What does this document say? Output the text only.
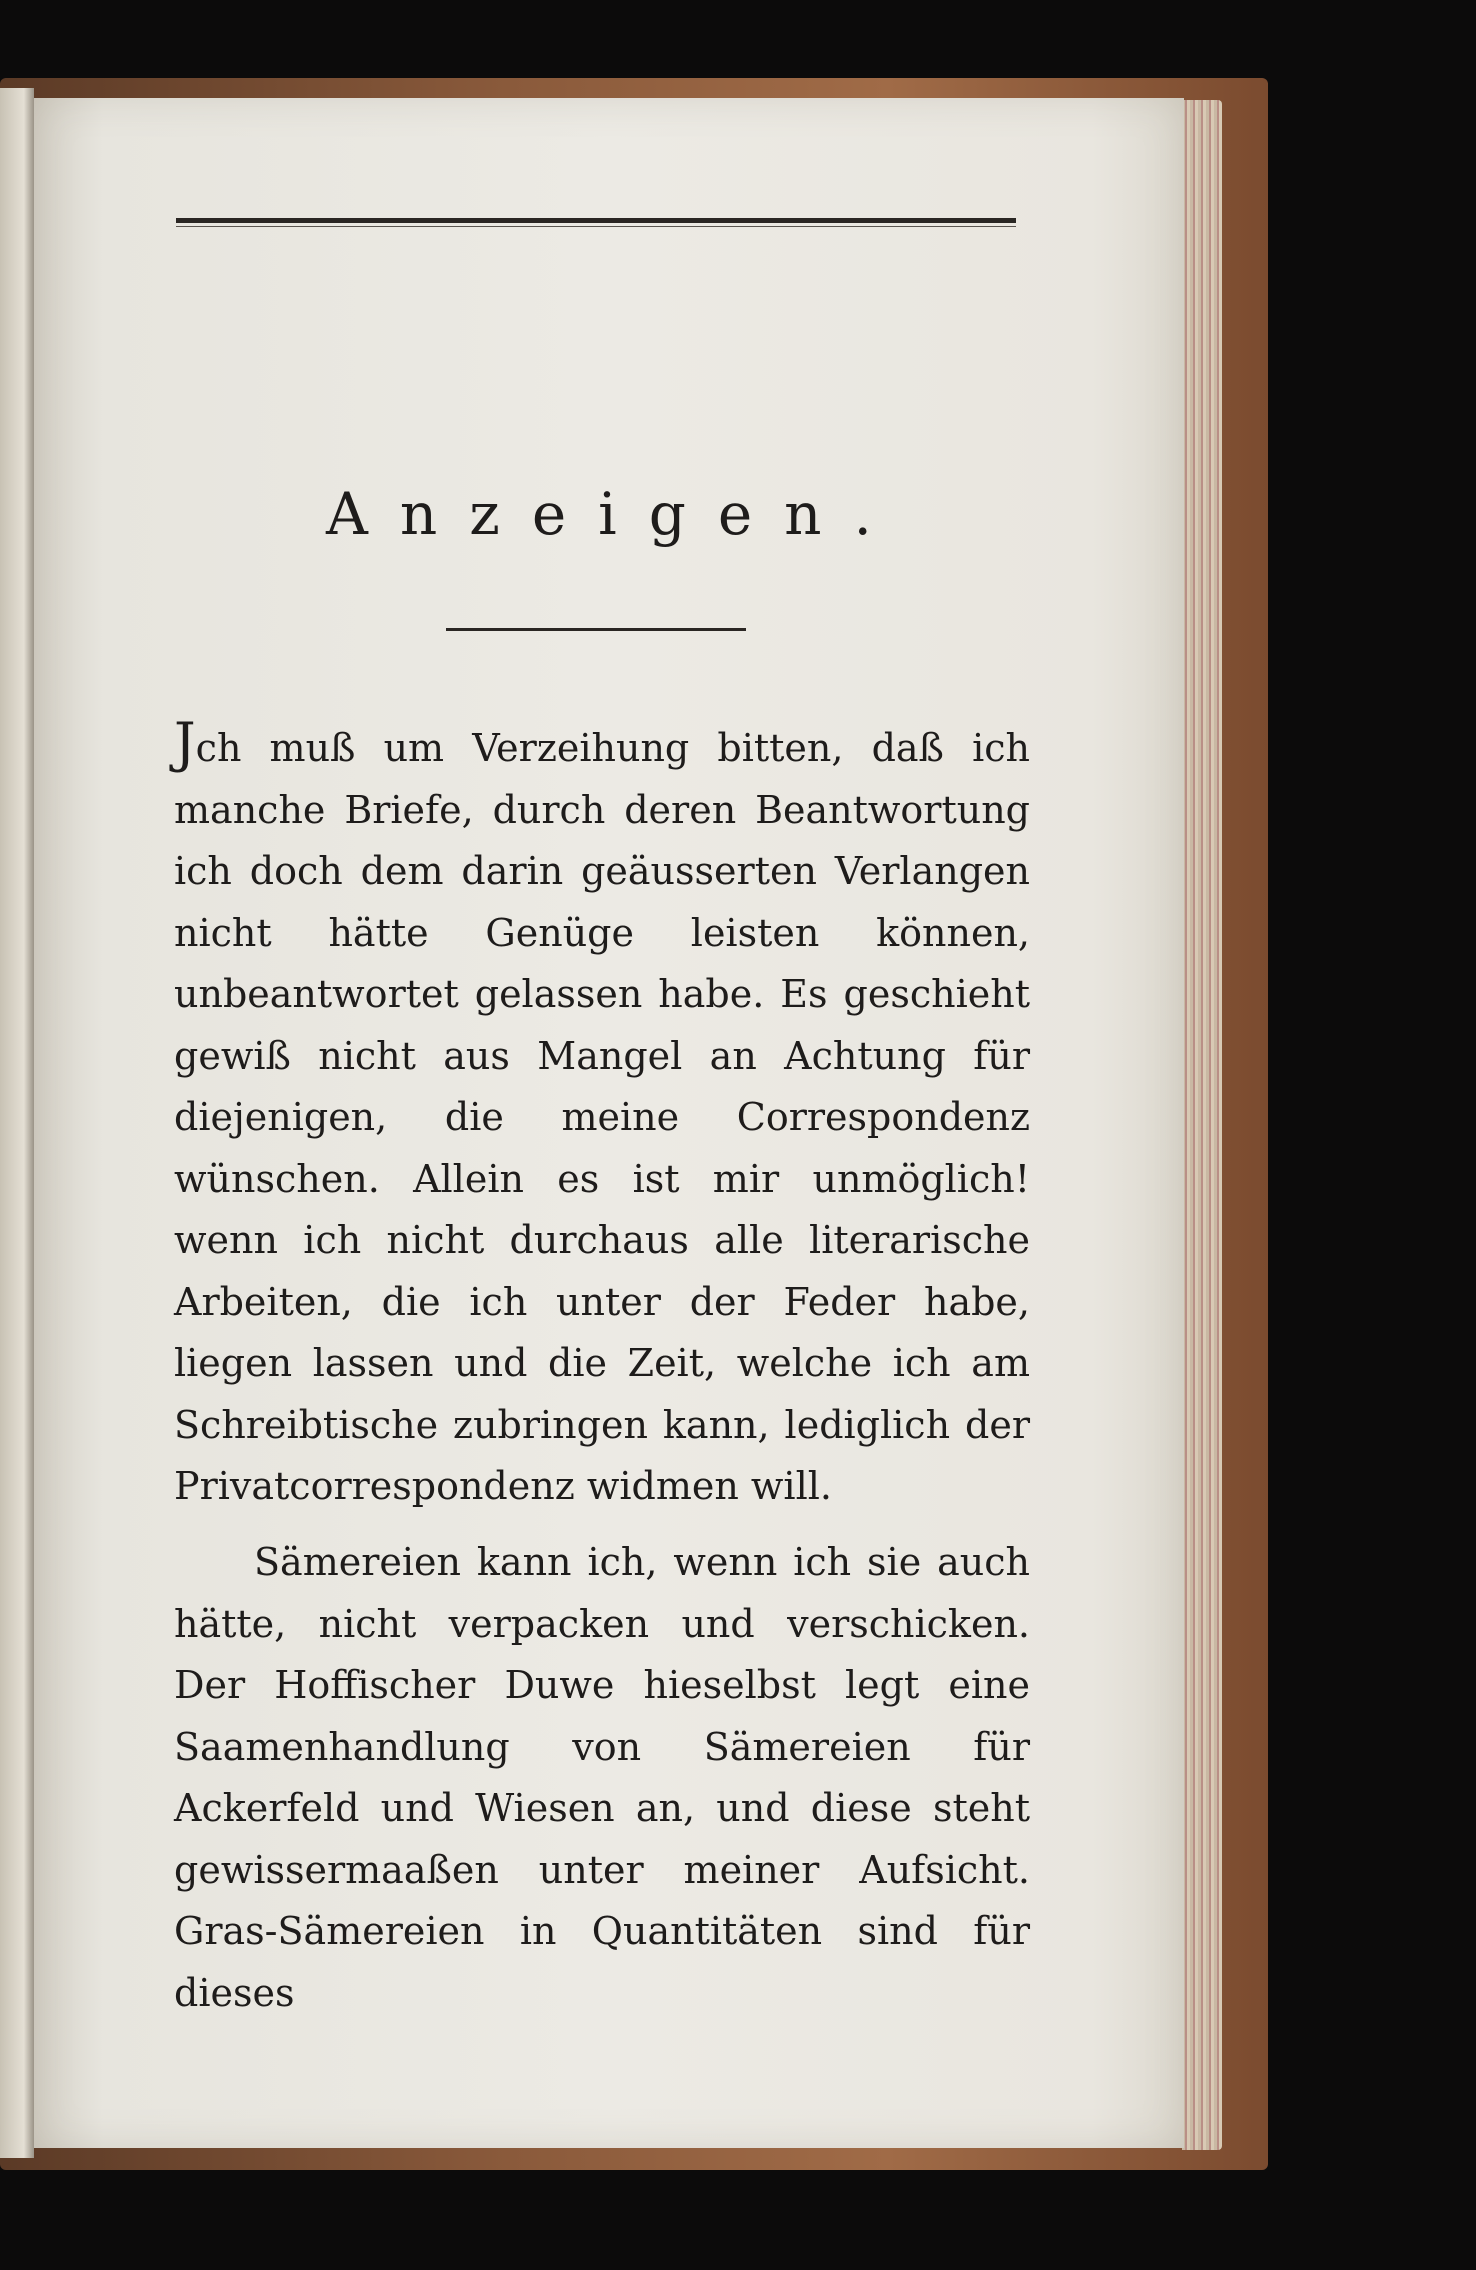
Anzeigen.

Jch muß um Verzeihung bitten, daß ich manche Briefe, durch deren Beantwortung ich doch dem darin geäusserten Verlangen nicht hätte Genüge leisten können, unbeantwortet gelassen habe. Es geschieht gewiß nicht aus Mangel an Achtung für diejenigen, die meine Correspondenz wünschen. Allein es ist mir unmöglich! wenn ich nicht durchaus alle literarische Arbeiten, die ich unter der Feder habe, liegen lassen und die Zeit, welche ich am Schreibtische zubringen kann, lediglich der Privatcorrespondenz widmen will.

Sämereien kann ich, wenn ich sie auch hätte, nicht verpacken und verschicken. Der Hoffischer Duwe hieselbst legt eine Saamenhandlung von Sämereien für Ackerfeld und Wiesen an, und diese steht gewissermaaßen unter meiner Aufsicht. Gras-Sämereien in Quantitäten sind für dieses
